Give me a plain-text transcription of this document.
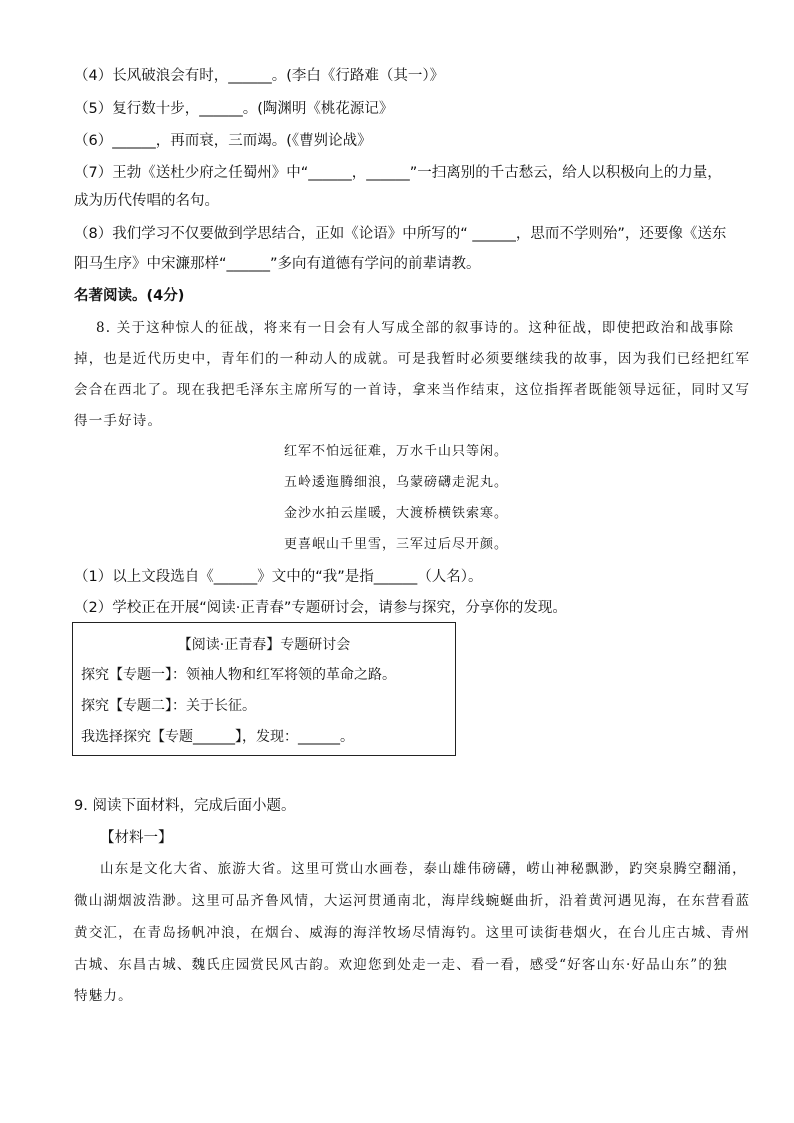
（4）长风破浪会有时，______。(李白《行路难（其一）》
（5）复行数十步，______。(陶渊明《桃花源记》
（6）______，再而衰，三而竭。(《曹刿论战》
（7）王勃《送杜少府之任蜀州》中“______，______”一扫离别的千古愁云，给人以积极向上的力量，
成为历代传唱的名句。
（8）我们学习不仅要做到学思结合，正如《论语》中所写的“ ______，思而不学则殆”，还要像《送东
阳马生序》中宋濂那样“______”多向有道德有学问的前辈请教。
名著阅读。(4分)
8. 关于这种惊人的征战，将来有一日会有人写成全部的叙事诗的。这种征战，即使把政治和战事除
掉，也是近代历史中，青年们的一种动人的成就。可是我暂时必须要继续我的故事，因为我们已经把红军
会合在西北了。现在我把毛泽东主席所写的一首诗，拿来当作结束，这位指挥者既能领导远征，同时又写
得一手好诗。
红军不怕远征难，万水千山只等闲。
五岭逶迤腾细浪，乌蒙磅礴走泥丸。
金沙水拍云崖暖，大渡桥横铁索寒。
更喜岷山千里雪，三军过后尽开颜。
（1）以上文段选自《______》文中的“我”是指______（人名）。
（2）学校正在开展“阅读·正青春”专题研讨会，请参与探究，分享你的发现。
【阅读·正青春】专题研讨会
探究【专题一】：领袖人物和红军将领的革命之路。
探究【专题二】：关于长征。
我选择探究【专题______】，发现：______。
9. 阅读下面材料，完成后面小题。
【材料一】
山东是文化大省、旅游大省。这里可赏山水画卷，泰山雄伟磅礴，崂山神秘飘渺，趵突泉腾空翻涌，
微山湖烟波浩渺。这里可品齐鲁风情，大运河贯通南北，海岸线蜿蜒曲折，沿着黄河遇见海，在东营看蓝
黄交汇，在青岛扬帆冲浪，在烟台、威海的海洋牧场尽情海钓。这里可读街巷烟火，在台儿庄古城、青州
古城、东昌古城、魏氏庄园赏民风古韵。欢迎您到处走一走、看一看，感受“好客山东·好品山东”的独
特魅力。
